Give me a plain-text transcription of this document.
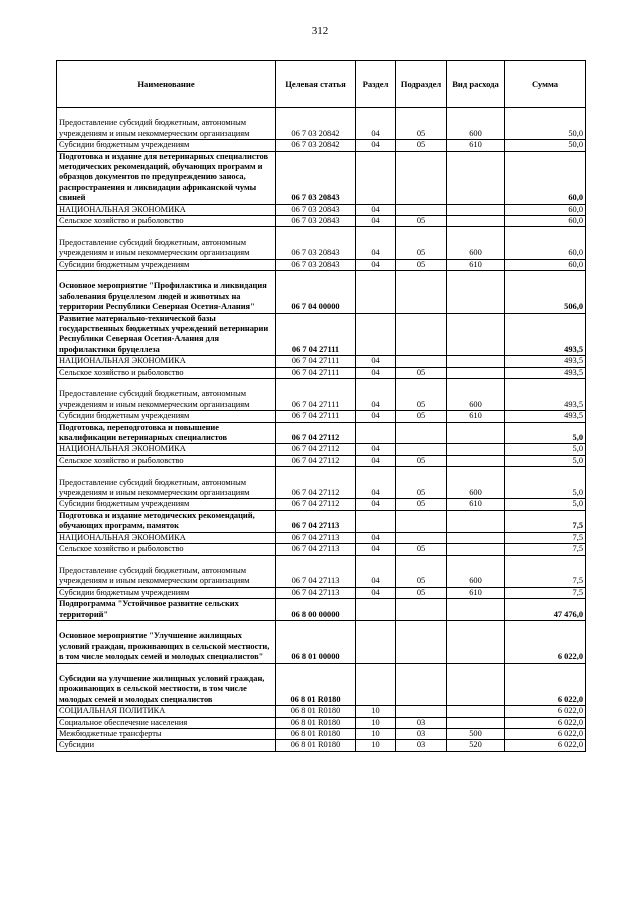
312
Наименование	Целевая статья	Раздел	Подраздел	Вид расхода	Сумма
Предоставление субсидий бюджетным, автономным учреждениям и иным некоммерческим организациям	06 7 03 20842	04	05	600	50,0
Субсидии бюджетным учреждениям	06 7 03 20842	04	05	610	50,0
Подготовка и издание для ветеринарных специалистов методических рекомендаций, обучающих программ и образцов документов по предупреждению заноса, распространения и ликвидации африканской чумы свиней	06 7 03 20843				60,0
НАЦИОНАЛЬНАЯ ЭКОНОМИКА	06 7 03 20843	04			60,0
Сельское хозяйство и рыболовство	06 7 03 20843	04	05		60,0
Предоставление субсидий бюджетным, автономным учреждениям и иным некоммерческим организациям	06 7 03 20843	04	05	600	60,0
Субсидии бюджетным учреждениям	06 7 03 20843	04	05	610	60,0
Основное мероприятие "Профилактика и ликвидация заболевания бруцеллезом людей и животных на территории Республики Северная Осетия-Алания"	06 7 04 00000				506,0
Развитие материально-технической базы государственных бюджетных учреждений ветеринарии Республики Северная Осетия-Алания для профилактики бруцеллеза	06 7 04 27111				493,5
НАЦИОНАЛЬНАЯ ЭКОНОМИКА	06 7 04 27111	04			493,5
Сельское хозяйство и рыболовство	06 7 04 27111	04	05		493,5
Предоставление субсидий бюджетным, автономным учреждениям и иным некоммерческим организациям	06 7 04 27111	04	05	600	493,5
Субсидии бюджетным учреждениям	06 7 04 27111	04	05	610	493,5
Подготовка, переподготовка и повышение квалификации ветеринарных специалистов	06 7 04 27112				5,0
НАЦИОНАЛЬНАЯ ЭКОНОМИКА	06 7 04 27112	04			5,0
Сельское хозяйство и рыболовство	06 7 04 27112	04	05		5,0
Предоставление субсидий бюджетным, автономным учреждениям и иным некоммерческим организациям	06 7 04 27112	04	05	600	5,0
Субсидии бюджетным учреждениям	06 7 04 27112	04	05	610	5,0
Подготовка и издание методических рекомендаций, обучающих программ, памяток	06 7 04 27113				7,5
НАЦИОНАЛЬНАЯ ЭКОНОМИКА	06 7 04 27113	04			7,5
Сельское хозяйство и рыболовство	06 7 04 27113	04	05		7,5
Предоставление субсидий бюджетным, автономным учреждениям и иным некоммерческим организациям	06 7 04 27113	04	05	600	7,5
Субсидии бюджетным учреждениям	06 7 04 27113	04	05	610	7,5
Подпрограмма "Устойчивое развитие сельских территорий"	06 8 00 00000				47 476,0
Основное мероприятие "Улучшение жилищных условий граждан, проживающих в сельской местности, в том числе молодых семей и молодых специалистов"	06 8 01 00000				6 022,0
Субсидии на улучшение жилищных условий граждан, проживающих в сельской местности, в том числе молодых семей и молодых специалистов	06 8 01 R0180				6 022,0
СОЦИАЛЬНАЯ ПОЛИТИКА	06 8 01 R0180	10			6 022,0
Социальное обеспечение населения	06 8 01 R0180	10	03		6 022,0
Межбюджетные трансферты	06 8 01 R0180	10	03	500	6 022,0
Субсидии	06 8 01 R0180	10	03	520	6 022,0
